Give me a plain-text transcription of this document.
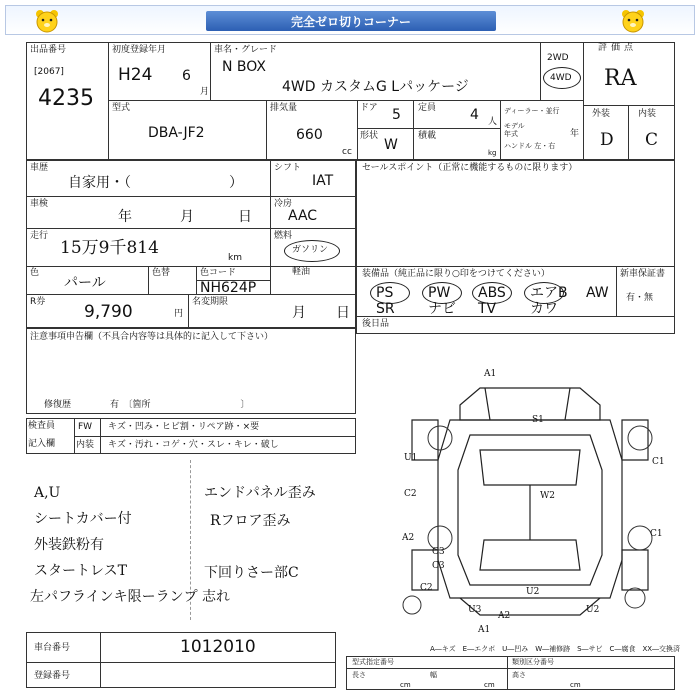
完全ゼロ切りコーナー
出品番号
[2067]
4235
初度登録年月
H24 6
月
車名・グレード
N BOX
4WD カスタムG Lパッケージ
2WD
4WD
評価点
RA
外装	内装
D C
型式
DBA-JF2
排気量
660
cc
ドア 5 定員 4 人
ディーラー・並行
モデル
年式	年
形状
W
積載
kg
ハンドル 左・右
車歴
自家用・（　　　　　　　）
シフト
IAT
車検
年	月	日
冷房
AAC
走行
15万9千814	km
燃料
ガソリン
軽油
色
パール
色替	色コード
NH624P
R券 9,790	円
名変期限
月 日
セールスポイント（正常に機能するものに限ります）
装備品（純正品に限り○印をつけてください）	新車保証書
有・無
PS PW ABS エアB AW
SR ナビ TV カワ
後日品
注意事項申告欄（不具合内容等は具体的に記入して下さい）
修復歴	有　〔箇所　　　　　　　　　　〕
検査員
記入欄
FW キズ・凹み・ヒビ割・リペア跡・×要
内装 キズ・汚れ・コゲ・穴・スレ・キレ・破し
A,U
シートカバー付
外装鉄粉有
スタートレスT
左パフラインキ限ーランプ 志れ
エンドパネル歪み
Rフロア歪み
下回りさー部C
A1
S1
U1	C1
C2	W2
C1
A2
C3
C3
C2	U2
U3
A2
U2
A1
A―キズ　E―エクボ　U―凹み　W―補修跡　S―サビ　C―腐食　XX―交換済
車台番号	1012010
登録番号
型式指定番号	類別区分番号
長さ
cm
幅
cm
高さ
cm
